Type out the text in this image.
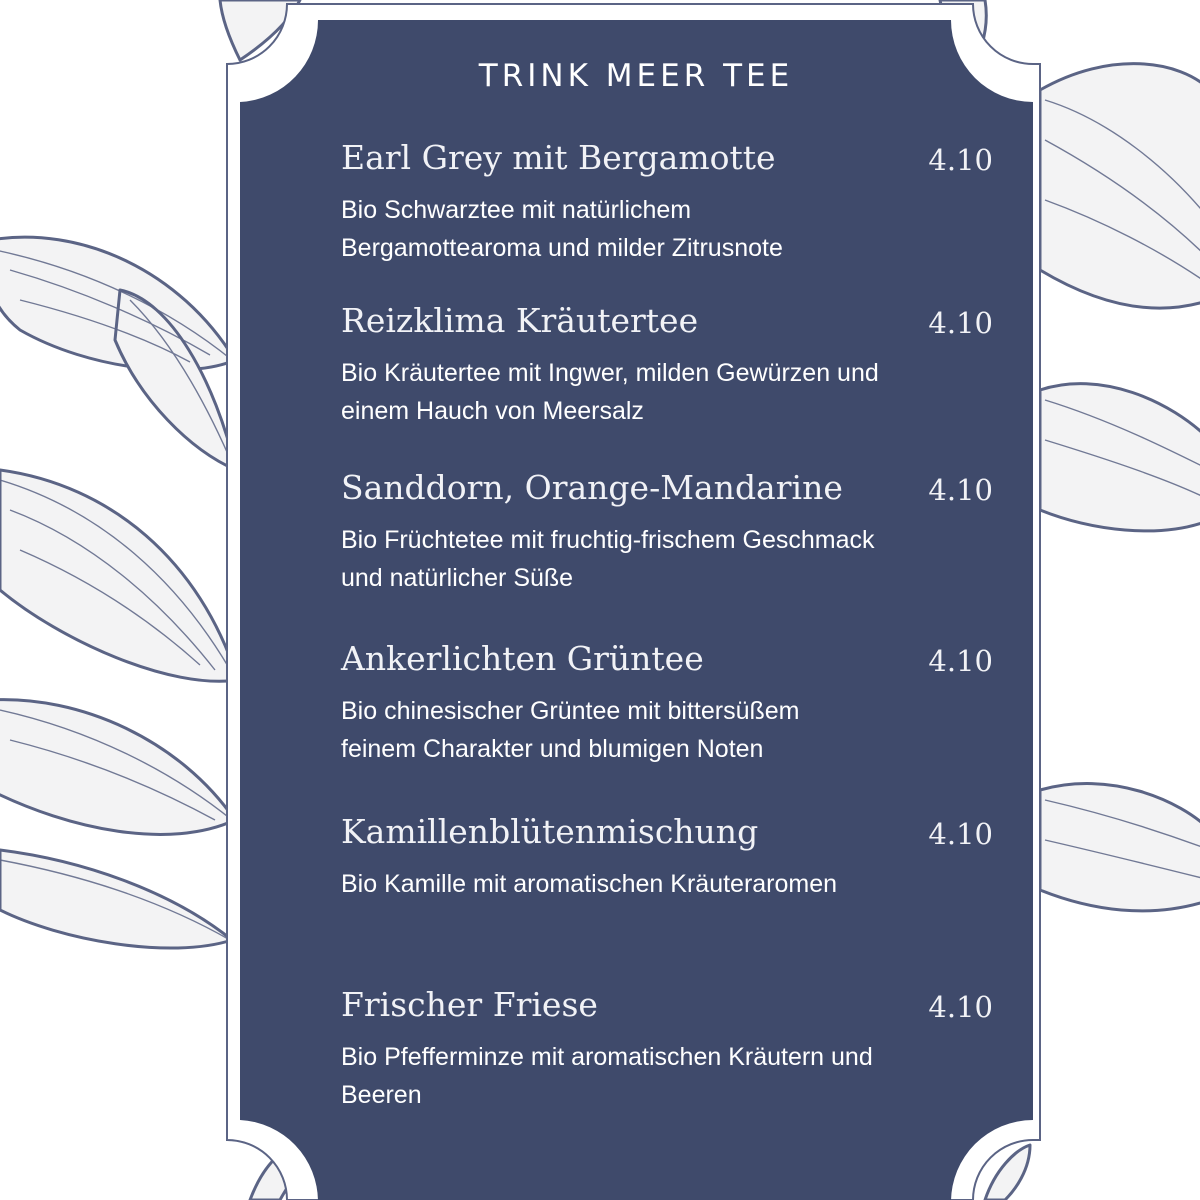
TRINK MEER TEE
Earl Grey mit Bergamotte	4.10
Bio Schwarztee mit natürlichem Bergamottearoma und milder Zitrusnote
Reizklima Kräutertee	4.10
Bio Kräutertee mit Ingwer, milden Gewürzen und einem Hauch von Meersalz
Sanddorn, Orange-Mandarine	4.10
Bio Früchtetee mit fruchtig-frischem Geschmack und natürlicher Süße
Ankerlichten Grüntee	4.10
Bio chinesischer Grüntee mit bittersüßem feinem Charakter und blumigen Noten
Kamillenblütenmischung	4.10
Bio Kamille mit aromatischen Kräuteraromen
Frischer Friese	4.10
Bio Pfefferminze mit aromatischen Kräutern und Beeren
